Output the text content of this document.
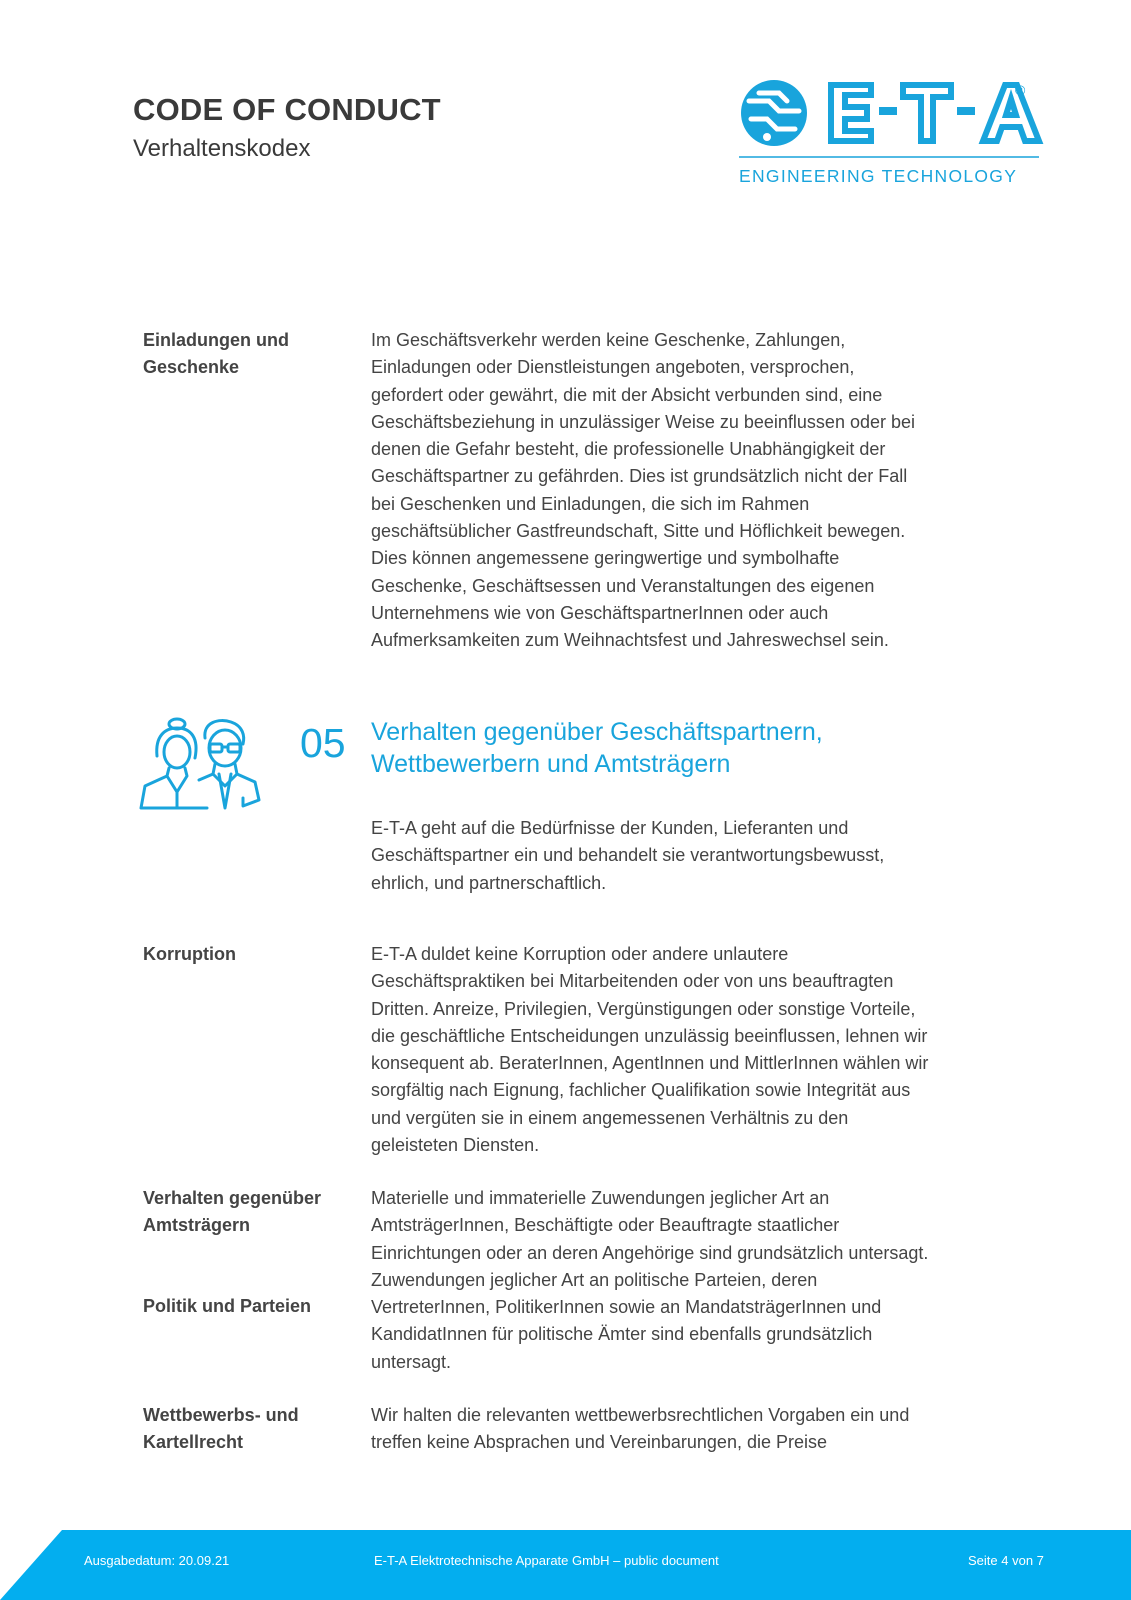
CODE OF CONDUCT
Verhaltenskodex
ENGINEERING TECHNOLOGY
®
Einladungen und
Geschenke

Im Geschäftsverkehr werden keine Geschenke, Zahlungen, Einladungen oder Dienstleistungen angeboten, versprochen, gefordert oder gewährt, die mit der Absicht verbunden sind, eine Geschäftsbeziehung in unzulässiger Weise zu beeinflussen oder bei denen die Gefahr besteht, die professionelle Unabhängigkeit der Geschäftspartner zu gefährden. Dies ist grundsätzlich nicht der Fall bei Geschenken und Einladungen, die sich im Rahmen geschäftsüblicher Gastfreundschaft, Sitte und Höflichkeit bewegen. Dies können angemessene geringwertige und symbolhafte Geschenke, Geschäftsessen und Veranstaltungen des eigenen Unternehmens wie von GeschäftspartnerInnen oder auch Aufmerksamkeiten zum Weihnachtsfest und Jahreswechsel sein.

05 Verhalten gegenüber Geschäftspartnern, Wettbewerbern und Amtsträgern

E-T-A geht auf die Bedürfnisse der Kunden, Lieferanten und Geschäftspartner ein und behandelt sie verantwortungsbewusst, ehrlich, und partnerschaftlich.

Korruption	E-T-A duldet keine Korruption oder andere unlautere Geschäftspraktiken bei Mitarbeitenden oder von uns beauftragten Dritten. Anreize, Privilegien, Vergünstigungen oder sonstige Vorteile, die geschäftliche Entscheidungen unzulässig beeinflussen, lehnen wir konsequent ab. BeraterInnen, AgentInnen und MittlerInnen wählen wir sorgfältig nach Eignung, fachlicher Qualifikation sowie Integrität aus und vergüten sie in einem angemessenen Verhältnis zu den geleisteten Diensten.

Verhalten gegenüber
Amtsträgern
Politik und Parteien

Materielle und immaterielle Zuwendungen jeglicher Art an AmtsträgerInnen, Beschäftigte oder Beauftragte staatlicher Einrichtungen oder an deren Angehörige sind grundsätzlich untersagt. Zuwendungen jeglicher Art an politische Parteien, deren VertreterInnen, PolitikerInnen sowie an MandatsträgerInnen und KandidatInnen für politische Ämter sind ebenfalls grundsätzlich untersagt.

Wettbewerbs- und
Kartellrecht

Wir halten die relevanten wettbewerbsrechtlichen Vorgaben ein und treffen keine Absprachen und Vereinbarungen, die Preise

Ausgabedatum: 20.09.21	E-T-A Elektrotechnische Apparate GmbH – public document	Seite 4 von 7
